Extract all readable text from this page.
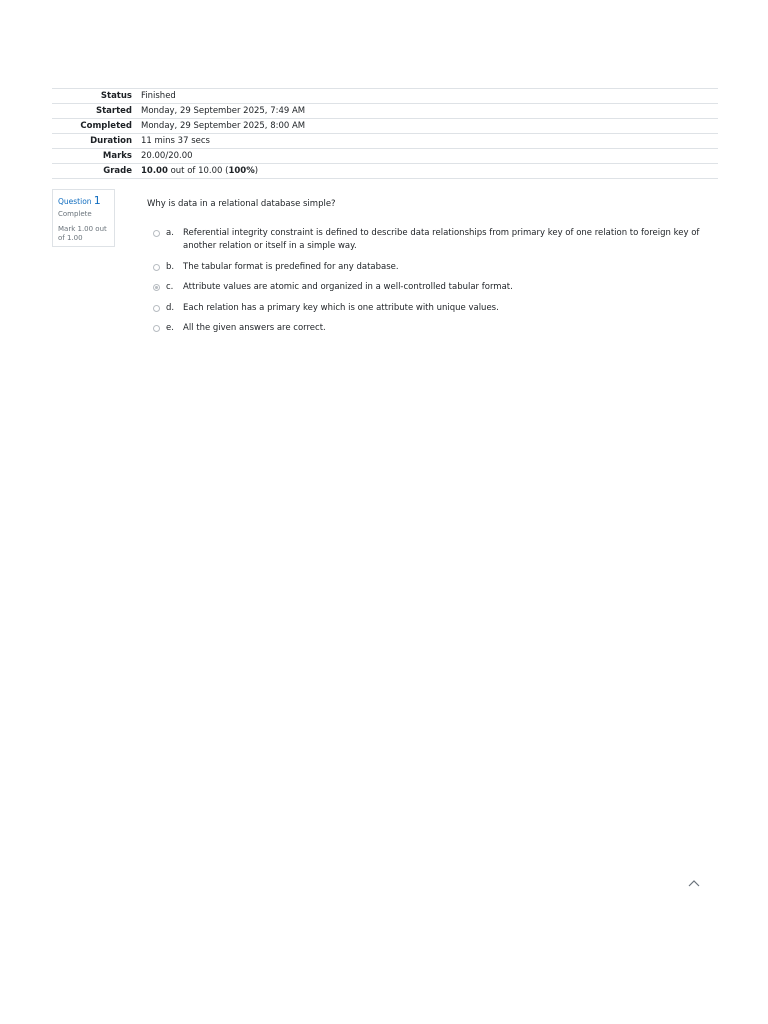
Status	Finished
Started	Monday, 29 September 2025, 7:49 AM
Completed	Monday, 29 September 2025, 8:00 AM
Duration	11 mins 37 secs
Marks	20.00/20.00
Grade	10.00 out of 10.00 (100%)
Question 1
Complete
Mark 1.00 out of 1.00
Why is data in a relational database simple?
a.	Referential integrity constraint is defined to describe data relationships from primary key of one relation to foreign key of another relation or itself in a simple way.
b.	The tabular format is predefined for any database.
c.	Attribute values are atomic and organized in a well-controlled tabular format.
d.	Each relation has a primary key which is one attribute with unique values.
e.	All the given answers are correct.
